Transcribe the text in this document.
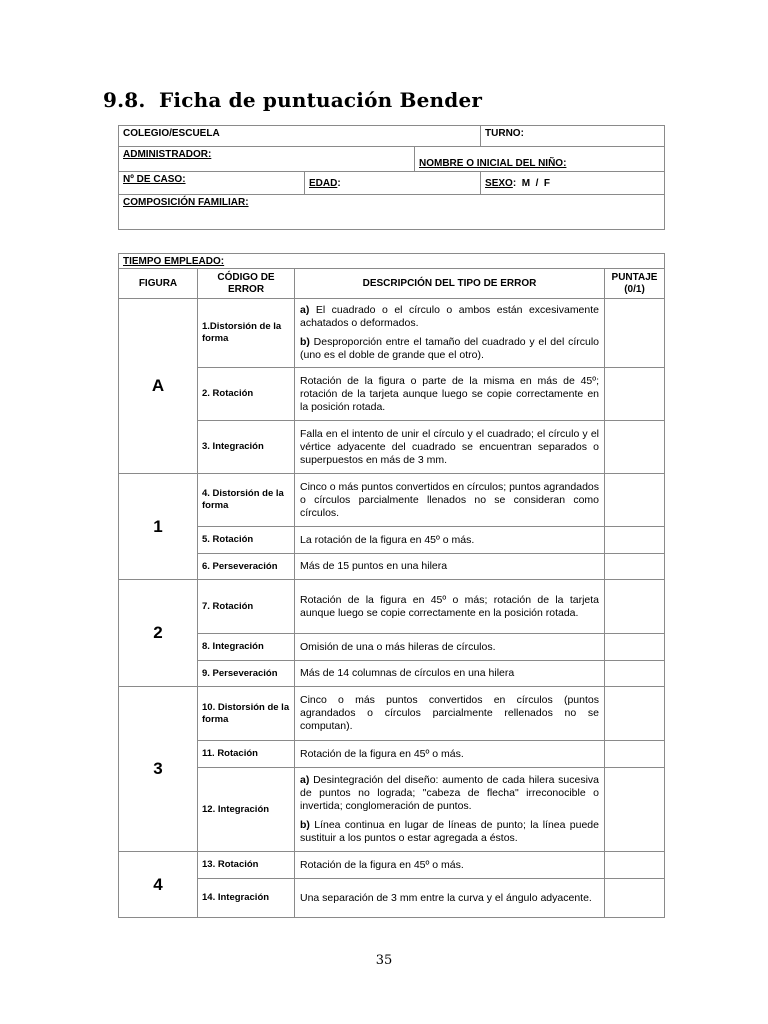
9.8. Ficha de puntuación Bender
COLEGIO/ESCUELA			TURNO:
ADMINISTRADOR:		NOMBRE O INICIAL DEL NIÑO:	
Nº DE CASO:	EDAD:		SEXO:  M  /  F
COMPOSICIÓN FAMILIAR:			
TIEMPO EMPLEADO:			
FIGURA	CÓDIGO DE ERROR	DESCRIPCIÓN DEL TIPO DE ERROR	PUNTAJE (0/1)
A	1.Distorsión de la forma	a) El cuadrado o el círculo o ambos están excesivamente achatados o deformados.

b) Desproporción entre el tamaño del cuadrado y el del círculo (uno es el doble de grande que el otro).	

	2. Rotación	Rotación de la figura o parte de la misma en más de 45º; rotación de la tarjeta aunque luego se copie correctamente en la posición rotada.	
	3. Integración	Falla en el intento de unir el círculo y el cuadrado; el círculo y el vértice adyacente del cuadrado se encuentran separados o superpuestos en más de 3 mm.	
1	4. Distorsión de la forma	Cinco o más puntos convertidos en círculos; puntos agrandados o círculos parcialmente llenados no se consideran como círculos.	
	5. Rotación	La rotación de la figura en 45º o más.	
	6. Perseveración	Más de 15 puntos en una hilera	
2	7. Rotación	Rotación de la figura en 45º o más; rotación de la tarjeta aunque luego se copie correctamente en la posición rotada.	
	8. Integración	Omisión de una o más hileras de círculos.	
	9. Perseveración	Más de 14 columnas de círculos en una hilera	
3	10. Distorsión de la forma	Cinco o más puntos convertidos en círculos (puntos agrandados o círculos parcialmente rellenados no se computan).	
	11. Rotación	Rotación de la figura en 45º o más.	
	12. Integración	a) Desintegración del diseño: aumento de cada hilera sucesiva de puntos no lograda; "cabeza de flecha" irreconocible o invertida; conglomeración de puntos.

b) Línea continua en lugar de líneas de punto; la línea puede sustituir a los puntos o estar agregada a éstos.	

4	13. Rotación	Rotación de la figura en 45º o más.	
	14. Integración	Una separación de 3 mm entre la curva y el ángulo adyacente.	
35
